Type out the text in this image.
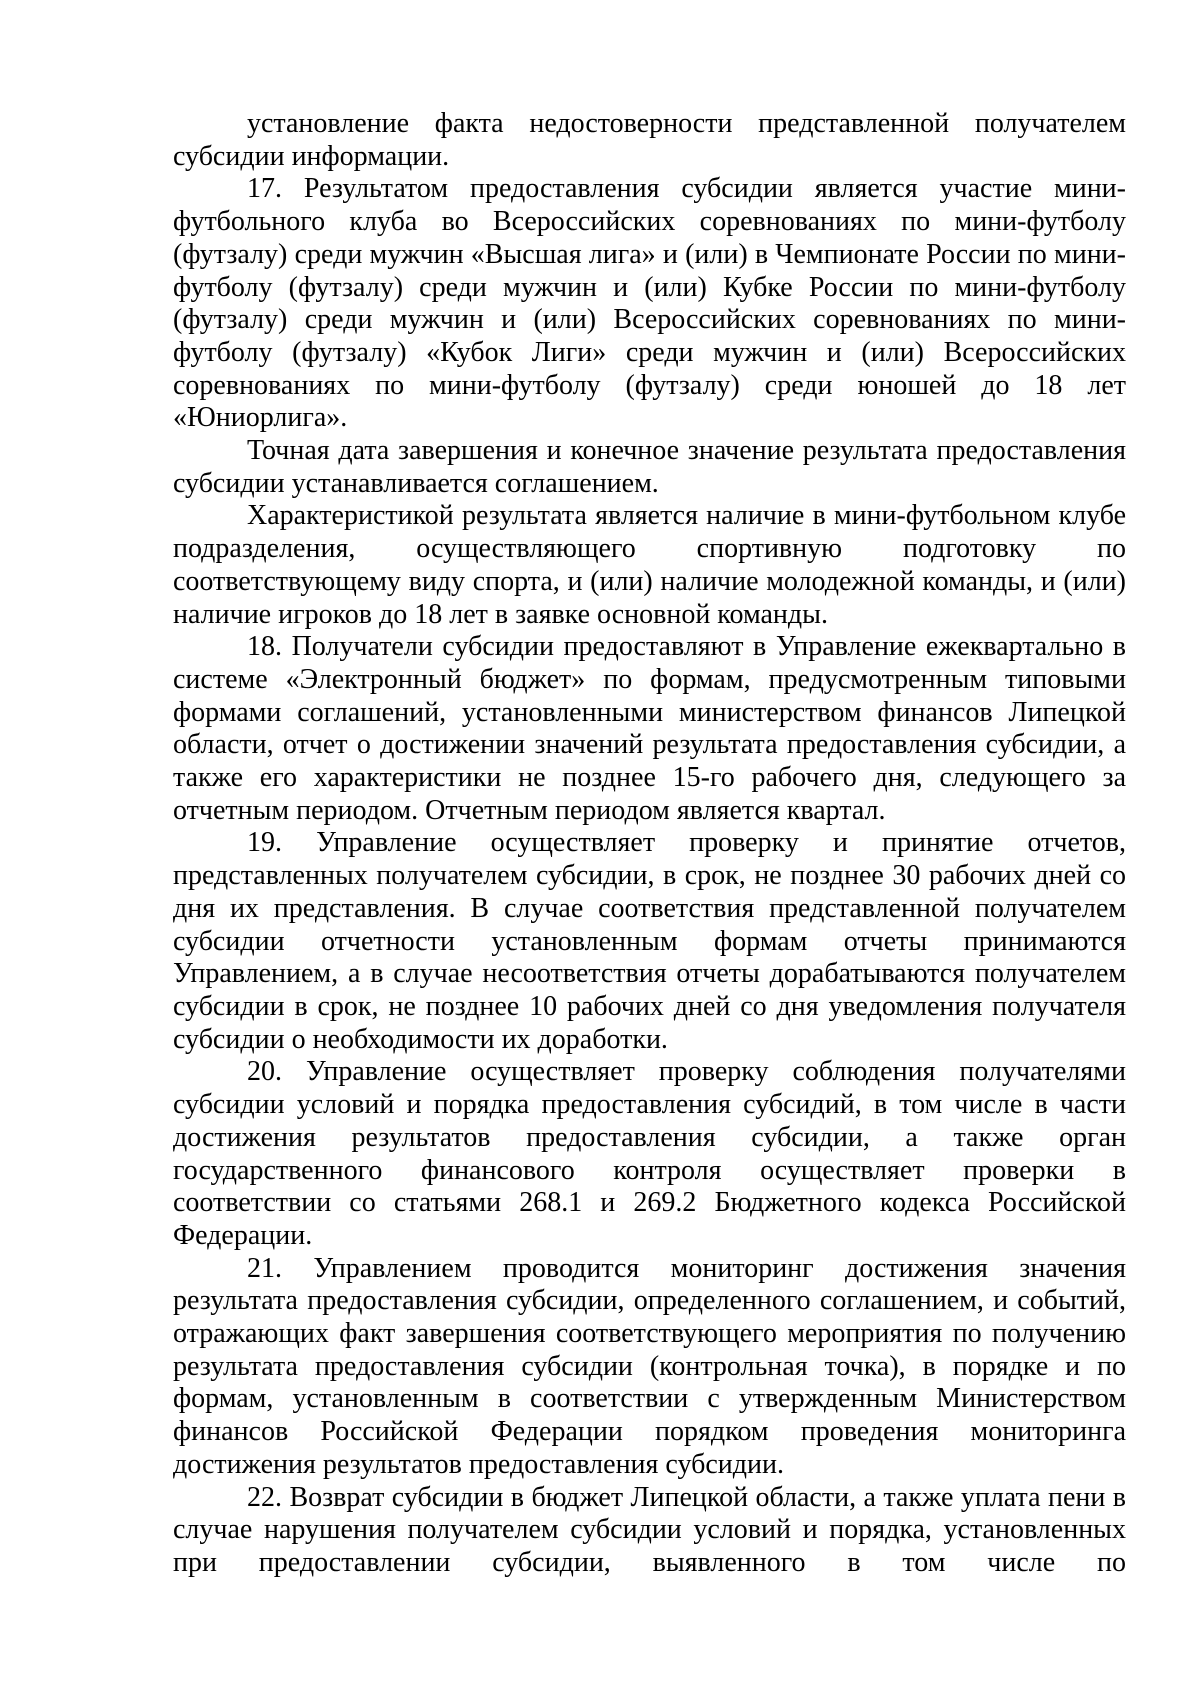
установление факта недостоверности представленной получателем субсидии информации.

17. Результатом предоставления субсидии является участие мини-футбольного клуба во Всероссийских соревнованиях по мини-футболу (футзалу) среди мужчин «Высшая лига» и (или) в Чемпионате России по мини-футболу (футзалу) среди мужчин и (или) Кубке России по мини-футболу (футзалу) среди мужчин и (или) Всероссийских соревнованиях по мини-футболу (футзалу) «Кубок Лиги» среди мужчин и (или) Всероссийских соревнованиях по мини-футболу (футзалу) среди юношей до 18 лет «Юниорлига».

Точная дата завершения и конечное значение результата предоставления субсидии устанавливается соглашением.

Характеристикой результата является наличие в мини-футбольном клубе подразделения, осуществляющего спортивную подготовку по соответствующему виду спорта, и (или) наличие молодежной команды, и (или) наличие игроков до 18 лет в заявке основной команды.

18. Получатели субсидии предоставляют в Управление ежеквартально в системе «Электронный бюджет» по формам, предусмотренным типовыми формами соглашений, установленными министерством финансов Липецкой области, отчет о достижении значений результата предоставления субсидии, а также его характеристики не позднее 15-го рабочего дня, следующего за отчетным периодом. Отчетным периодом является квартал.

19. Управление осуществляет проверку и принятие отчетов, представленных получателем субсидии, в срок, не позднее 30 рабочих дней со дня их представления. В случае соответствия представленной получателем субсидии отчетности установленным формам отчеты принимаются Управлением, а в случае несоответствия отчеты дорабатываются получателем субсидии в срок, не позднее 10 рабочих дней со дня уведомления получателя субсидии о необходимости их доработки.

20. Управление осуществляет проверку соблюдения получателями субсидии условий и порядка предоставления субсидий, в том числе в части достижения результатов предоставления субсидии, а также орган государственного финансового контроля осуществляет проверки в соответствии со статьями 268.1 и 269.2 Бюджетного кодекса Российской Федерации.

21. Управлением проводится мониторинг достижения значения результата предоставления субсидии, определенного соглашением, и событий, отражающих факт завершения соответствующего мероприятия по получению результата предоставления субсидии (контрольная точка), в порядке и по формам, установленным в соответствии с утвержденным Министерством финансов Российской Федерации порядком проведения мониторинга достижения результатов предоставления субсидии.

22. Возврат субсидии в бюджет Липецкой области, а также уплата пени в случае нарушения получателем субсидии условий и порядка, установленных при предоставлении субсидии, выявленного в том числе по
